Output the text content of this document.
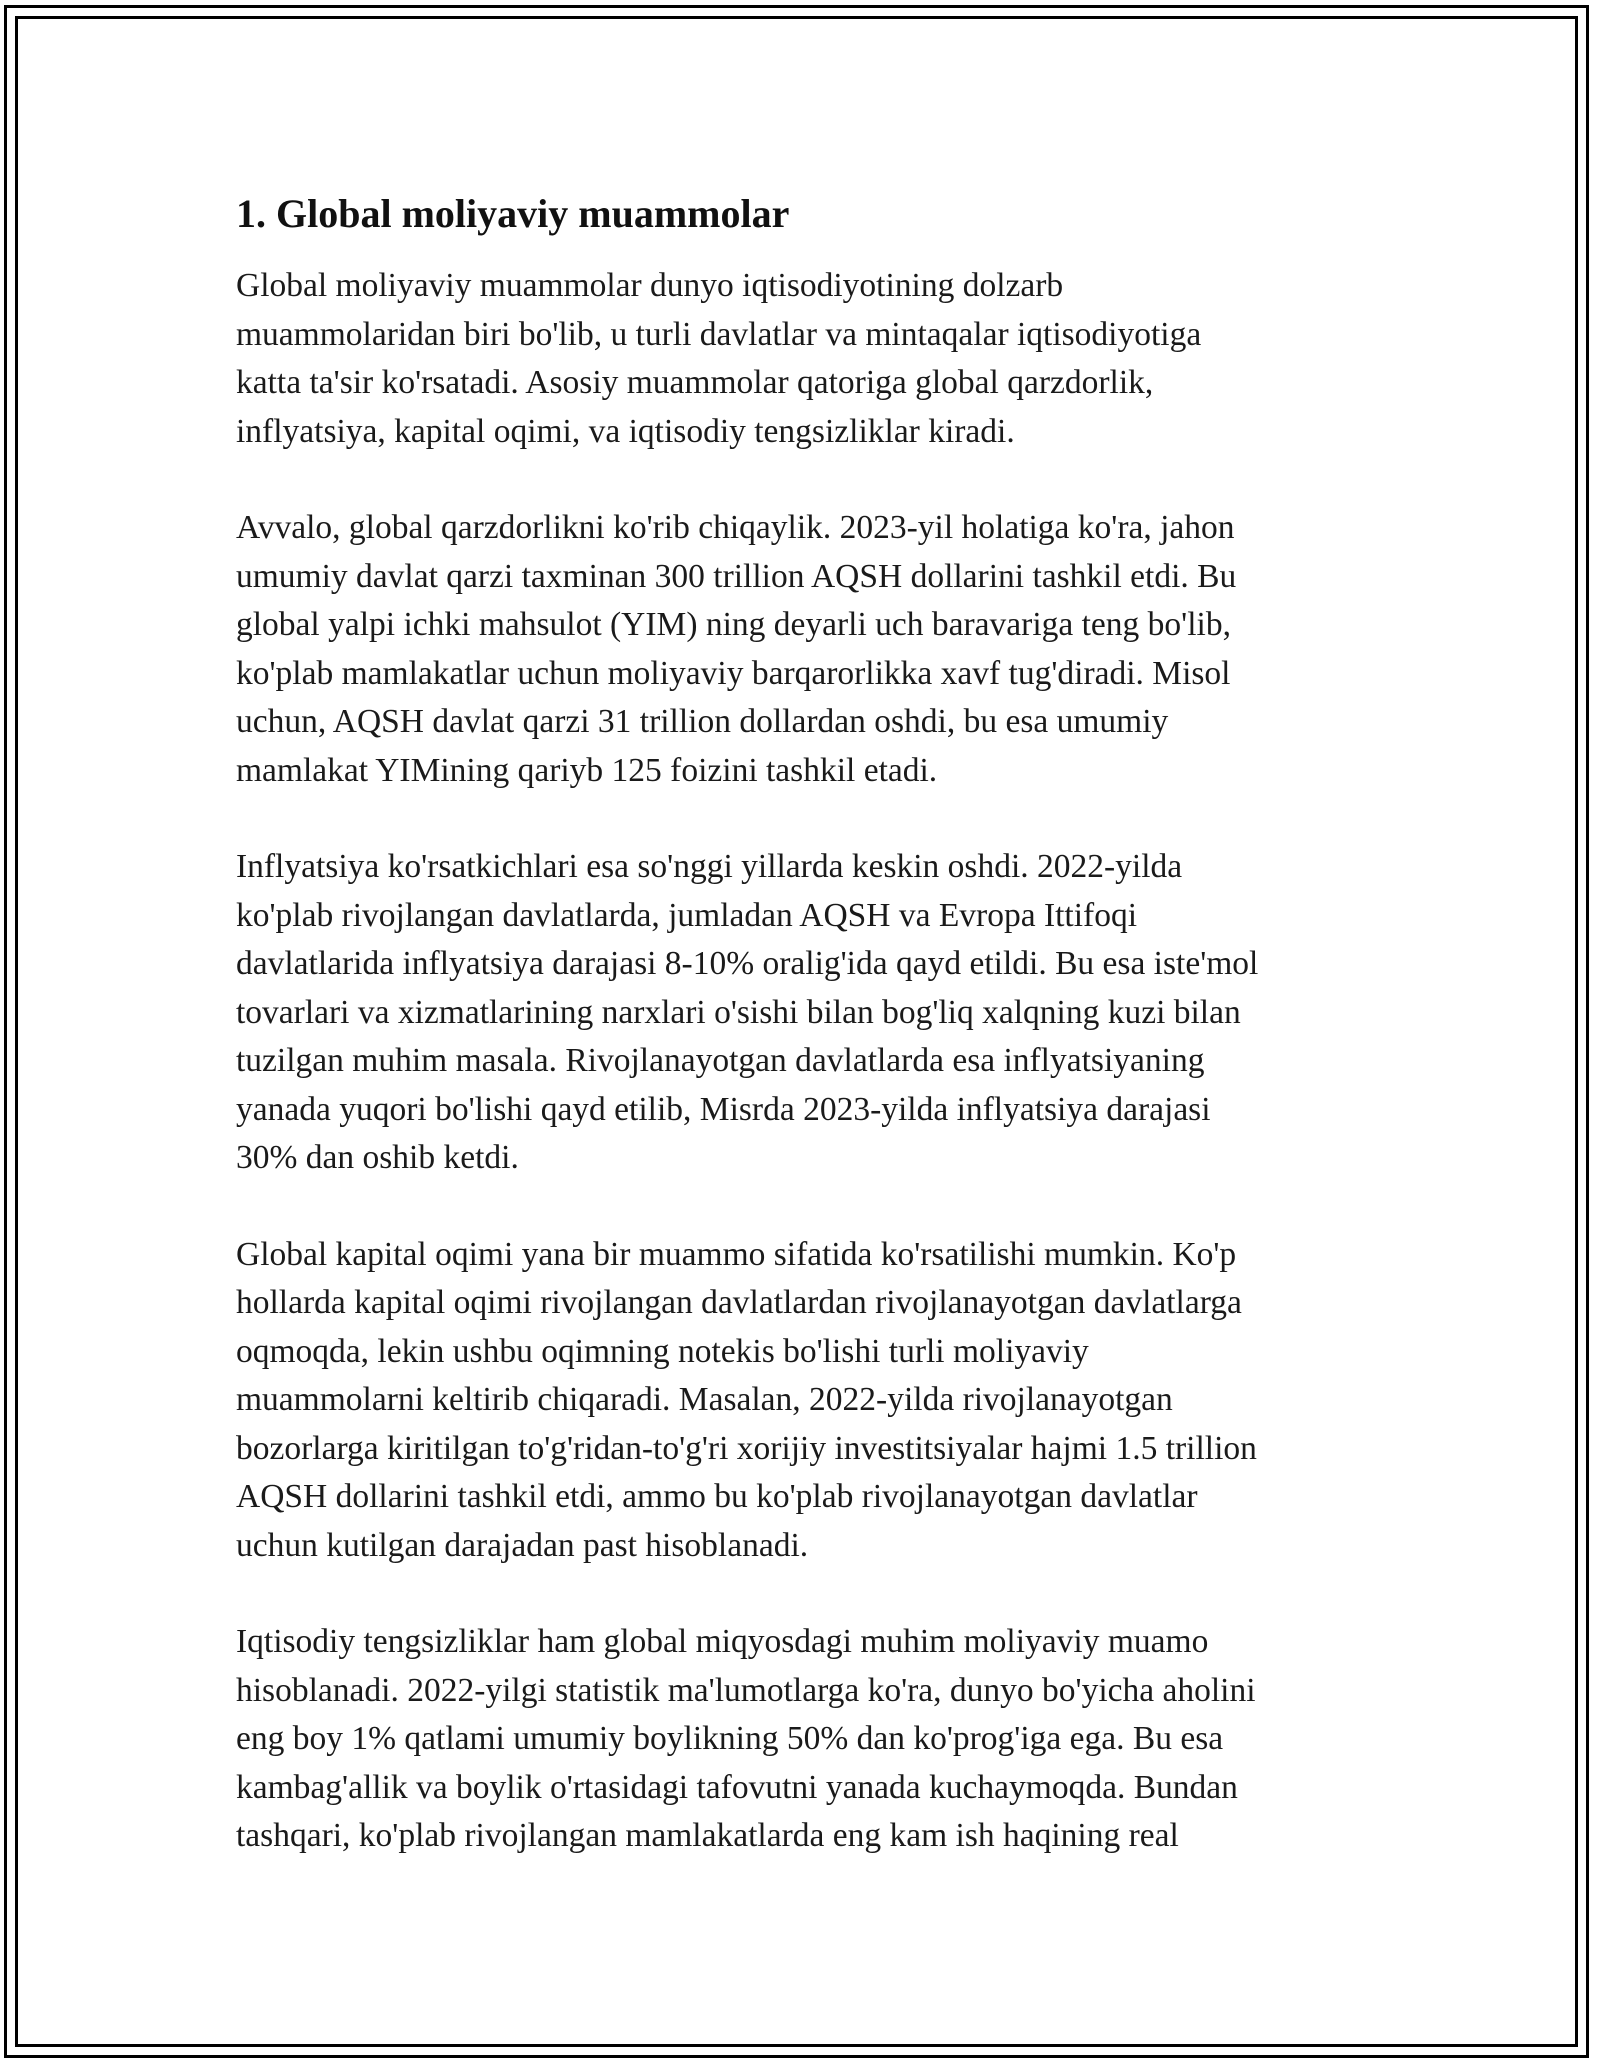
1. Global moliyaviy muammolar

Global moliyaviy muammolar dunyo iqtisodiyotining dolzarb
muammolaridan biri bo'lib, u turli davlatlar va mintaqalar iqtisodiyotiga
katta ta'sir ko'rsatadi. Asosiy muammolar qatoriga global qarzdorlik,
inflyatsiya, kapital oqimi, va iqtisodiy tengsizliklar kiradi.

Avvalo, global qarzdorlikni ko'rib chiqaylik. 2023-yil holatiga ko'ra, jahon
umumiy davlat qarzi taxminan 300 trillion AQSH dollarini tashkil etdi. Bu
global yalpi ichki mahsulot (YIM) ning deyarli uch baravariga teng bo'lib,
ko'plab mamlakatlar uchun moliyaviy barqarorlikka xavf tug'diradi. Misol
uchun, AQSH davlat qarzi 31 trillion dollardan oshdi, bu esa umumiy
mamlakat YIMining qariyb 125 foizini tashkil etadi.

Inflyatsiya ko'rsatkichlari esa so'nggi yillarda keskin oshdi. 2022-yilda
ko'plab rivojlangan davlatlarda, jumladan AQSH va Evropa Ittifoqi
davlatlarida inflyatsiya darajasi 8-10% oralig'ida qayd etildi. Bu esa iste'mol
tovarlari va xizmatlarining narxlari o'sishi bilan bog'liq xalqning kuzi bilan
tuzilgan muhim masala. Rivojlanayotgan davlatlarda esa inflyatsiyaning
yanada yuqori bo'lishi qayd etilib, Misrda 2023-yilda inflyatsiya darajasi
30% dan oshib ketdi.

Global kapital oqimi yana bir muammo sifatida ko'rsatilishi mumkin. Ko'p
hollarda kapital oqimi rivojlangan davlatlardan rivojlanayotgan davlatlarga
oqmoqda, lekin ushbu oqimning notekis bo'lishi turli moliyaviy
muammolarni keltirib chiqaradi. Masalan, 2022-yilda rivojlanayotgan
bozorlarga kiritilgan to'g'ridan-to'g'ri xorijiy investitsiyalar hajmi 1.5 trillion
AQSH dollarini tashkil etdi, ammo bu ko'plab rivojlanayotgan davlatlar
uchun kutilgan darajadan past hisoblanadi.

Iqtisodiy tengsizliklar ham global miqyosdagi muhim moliyaviy muamo
hisoblanadi. 2022-yilgi statistik ma'lumotlarga ko'ra, dunyo bo'yicha aholini
eng boy 1% qatlami umumiy boylikning 50% dan ko'prog'iga ega. Bu esa
kambag'allik va boylik o'rtasidagi tafovutni yanada kuchaymoqda. Bundan
tashqari, ko'plab rivojlangan mamlakatlarda eng kam ish haqining real
